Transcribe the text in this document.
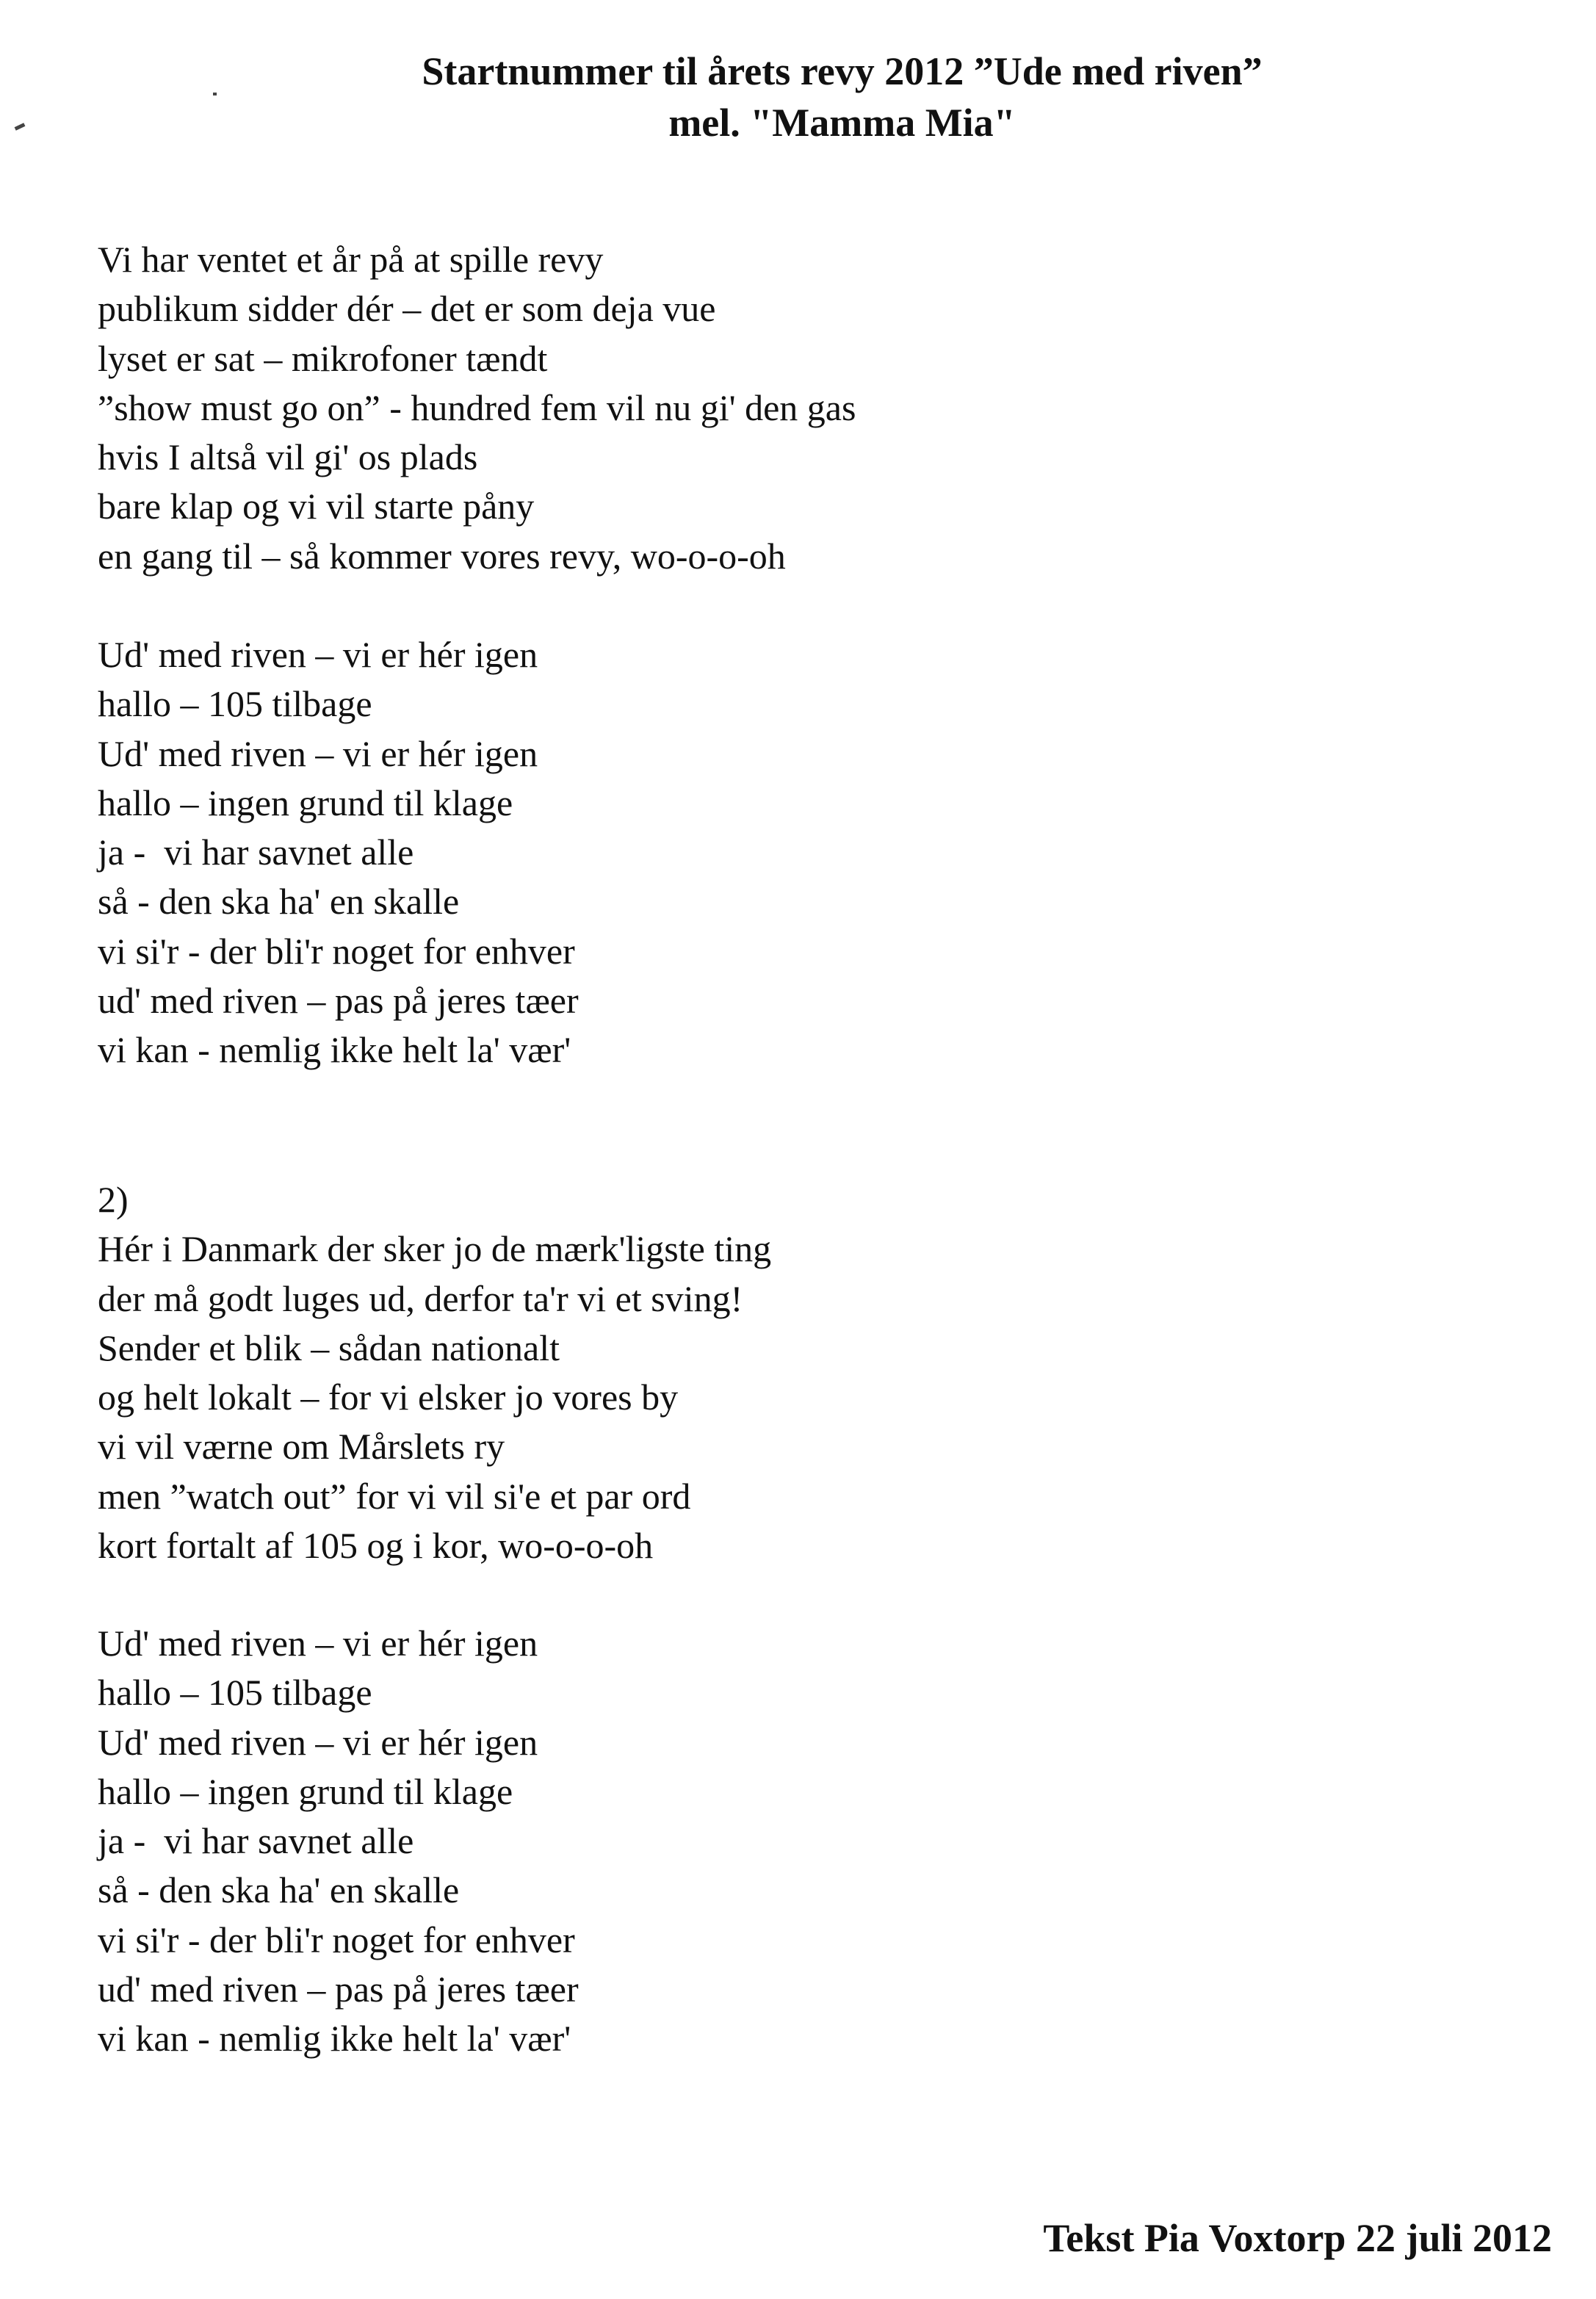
Startnummer til årets revy 2012 ”Ude med riven”
mel. "Mamma Mia"
Vi har ventet et år på at spille revy
publikum sidder dér – det er som deja vue
lyset er sat – mikrofoner tændt
”show must go on” - hundred fem vil nu gi' den gas
hvis I altså vil gi' os plads
bare klap og vi vil starte påny
en gang til – så kommer vores revy, wo-o-o-oh
Ud' med riven – vi er hér igen
hallo – 105 tilbage
Ud' med riven – vi er hér igen
hallo – ingen grund til klage
ja -  vi har savnet alle
så - den ska ha' en skalle
vi si'r - der bli'r noget for enhver
ud' med riven – pas på jeres tæer
vi kan - nemlig ikke helt la' vær'
2)
Hér i Danmark der sker jo de mærk'ligste ting
der må godt luges ud, derfor ta'r vi et sving!
Sender et blik – sådan nationalt
og helt lokalt – for vi elsker jo vores by
vi vil værne om Mårslets ry
men ”watch out” for vi vil si'e et par ord
kort fortalt af 105 og i kor, wo-o-o-oh
Ud' med riven – vi er hér igen
hallo – 105 tilbage
Ud' med riven – vi er hér igen
hallo – ingen grund til klage
ja -  vi har savnet alle
så - den ska ha' en skalle
vi si'r - der bli'r noget for enhver
ud' med riven – pas på jeres tæer
vi kan - nemlig ikke helt la' vær'
Tekst Pia Voxtorp 22 juli 2012
